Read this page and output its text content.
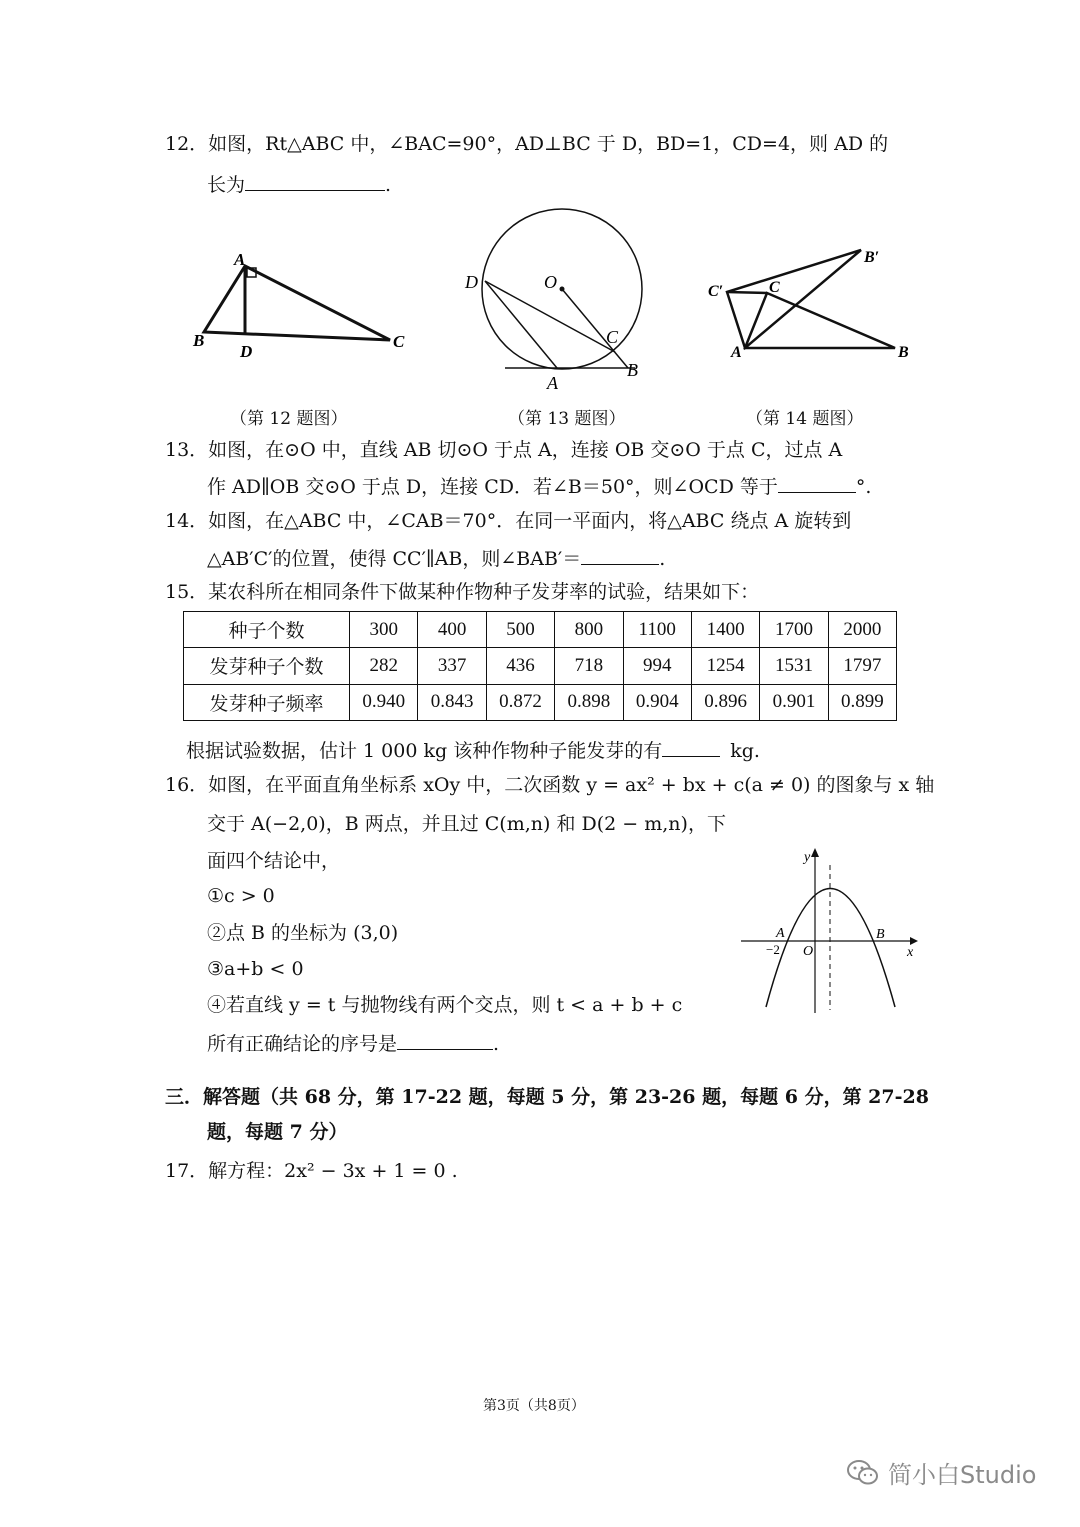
12．如图，Rt△ABC 中，∠BAC=90°，AD⊥BC 于 D，BD=1，CD=4，则 AD 的
长为	.
A
B	C
D
D	O
C
A
B
B′
C′	C
A	B
（第 12 题图）	（第 13 题图）	（第 14 题图）
13．如图，在⊙O 中，直线 AB 切⊙O 于点 A，连接 OB 交⊙O 于点 C，过点 A
作 AD∥OB 交⊙O 于点 D，连接 CD．若∠B＝50°，则∠OCD 等于	°.
14．如图，在△ABC 中，∠CAB＝70°．在同一平面内，将△ABC 绕点 A 旋转到
△AB′C′的位置，使得 CC′∥AB，则∠BAB′＝	.
15．某农科所在相同条件下做某种作物种子发芽率的试验，结果如下：
种子个数	300	400	500	800	1100	1400	1700	2000
发芽种子个数	282	337	436	718	994	1254	1531	1797
发芽种子频率	0.940	0.843	0.872	0.898	0.904	0.896	0.901	0.899
根据试验数据，估计 1 000 kg 该种作物种子能发芽的有	kg.
16．如图，在平面直角坐标系 xOy 中，二次函数 y = ax² + bx + c(a ≠ 0) 的图象与 x 轴
交于 A(−2,0)，B 两点，并且过 C(m,n) 和 D(2 − m,n)，下
面四个结论中，
①c > 0
②点 B 的坐标为 (3,0)
③a+b < 0
④若直线 y = t 与抛物线有两个交点，则 t < a + b + c
所有正确结论的序号是	.
y
A	B
x
−2 O
三．解答题（共 68 分，第 17-22 题，每题 5 分，第 23-26 题，每题 6 分，第 27-28
题，每题 7 分）
17．解方程：2x² − 3x + 1 = 0 .
第3页（共8页）
简小白Studio
